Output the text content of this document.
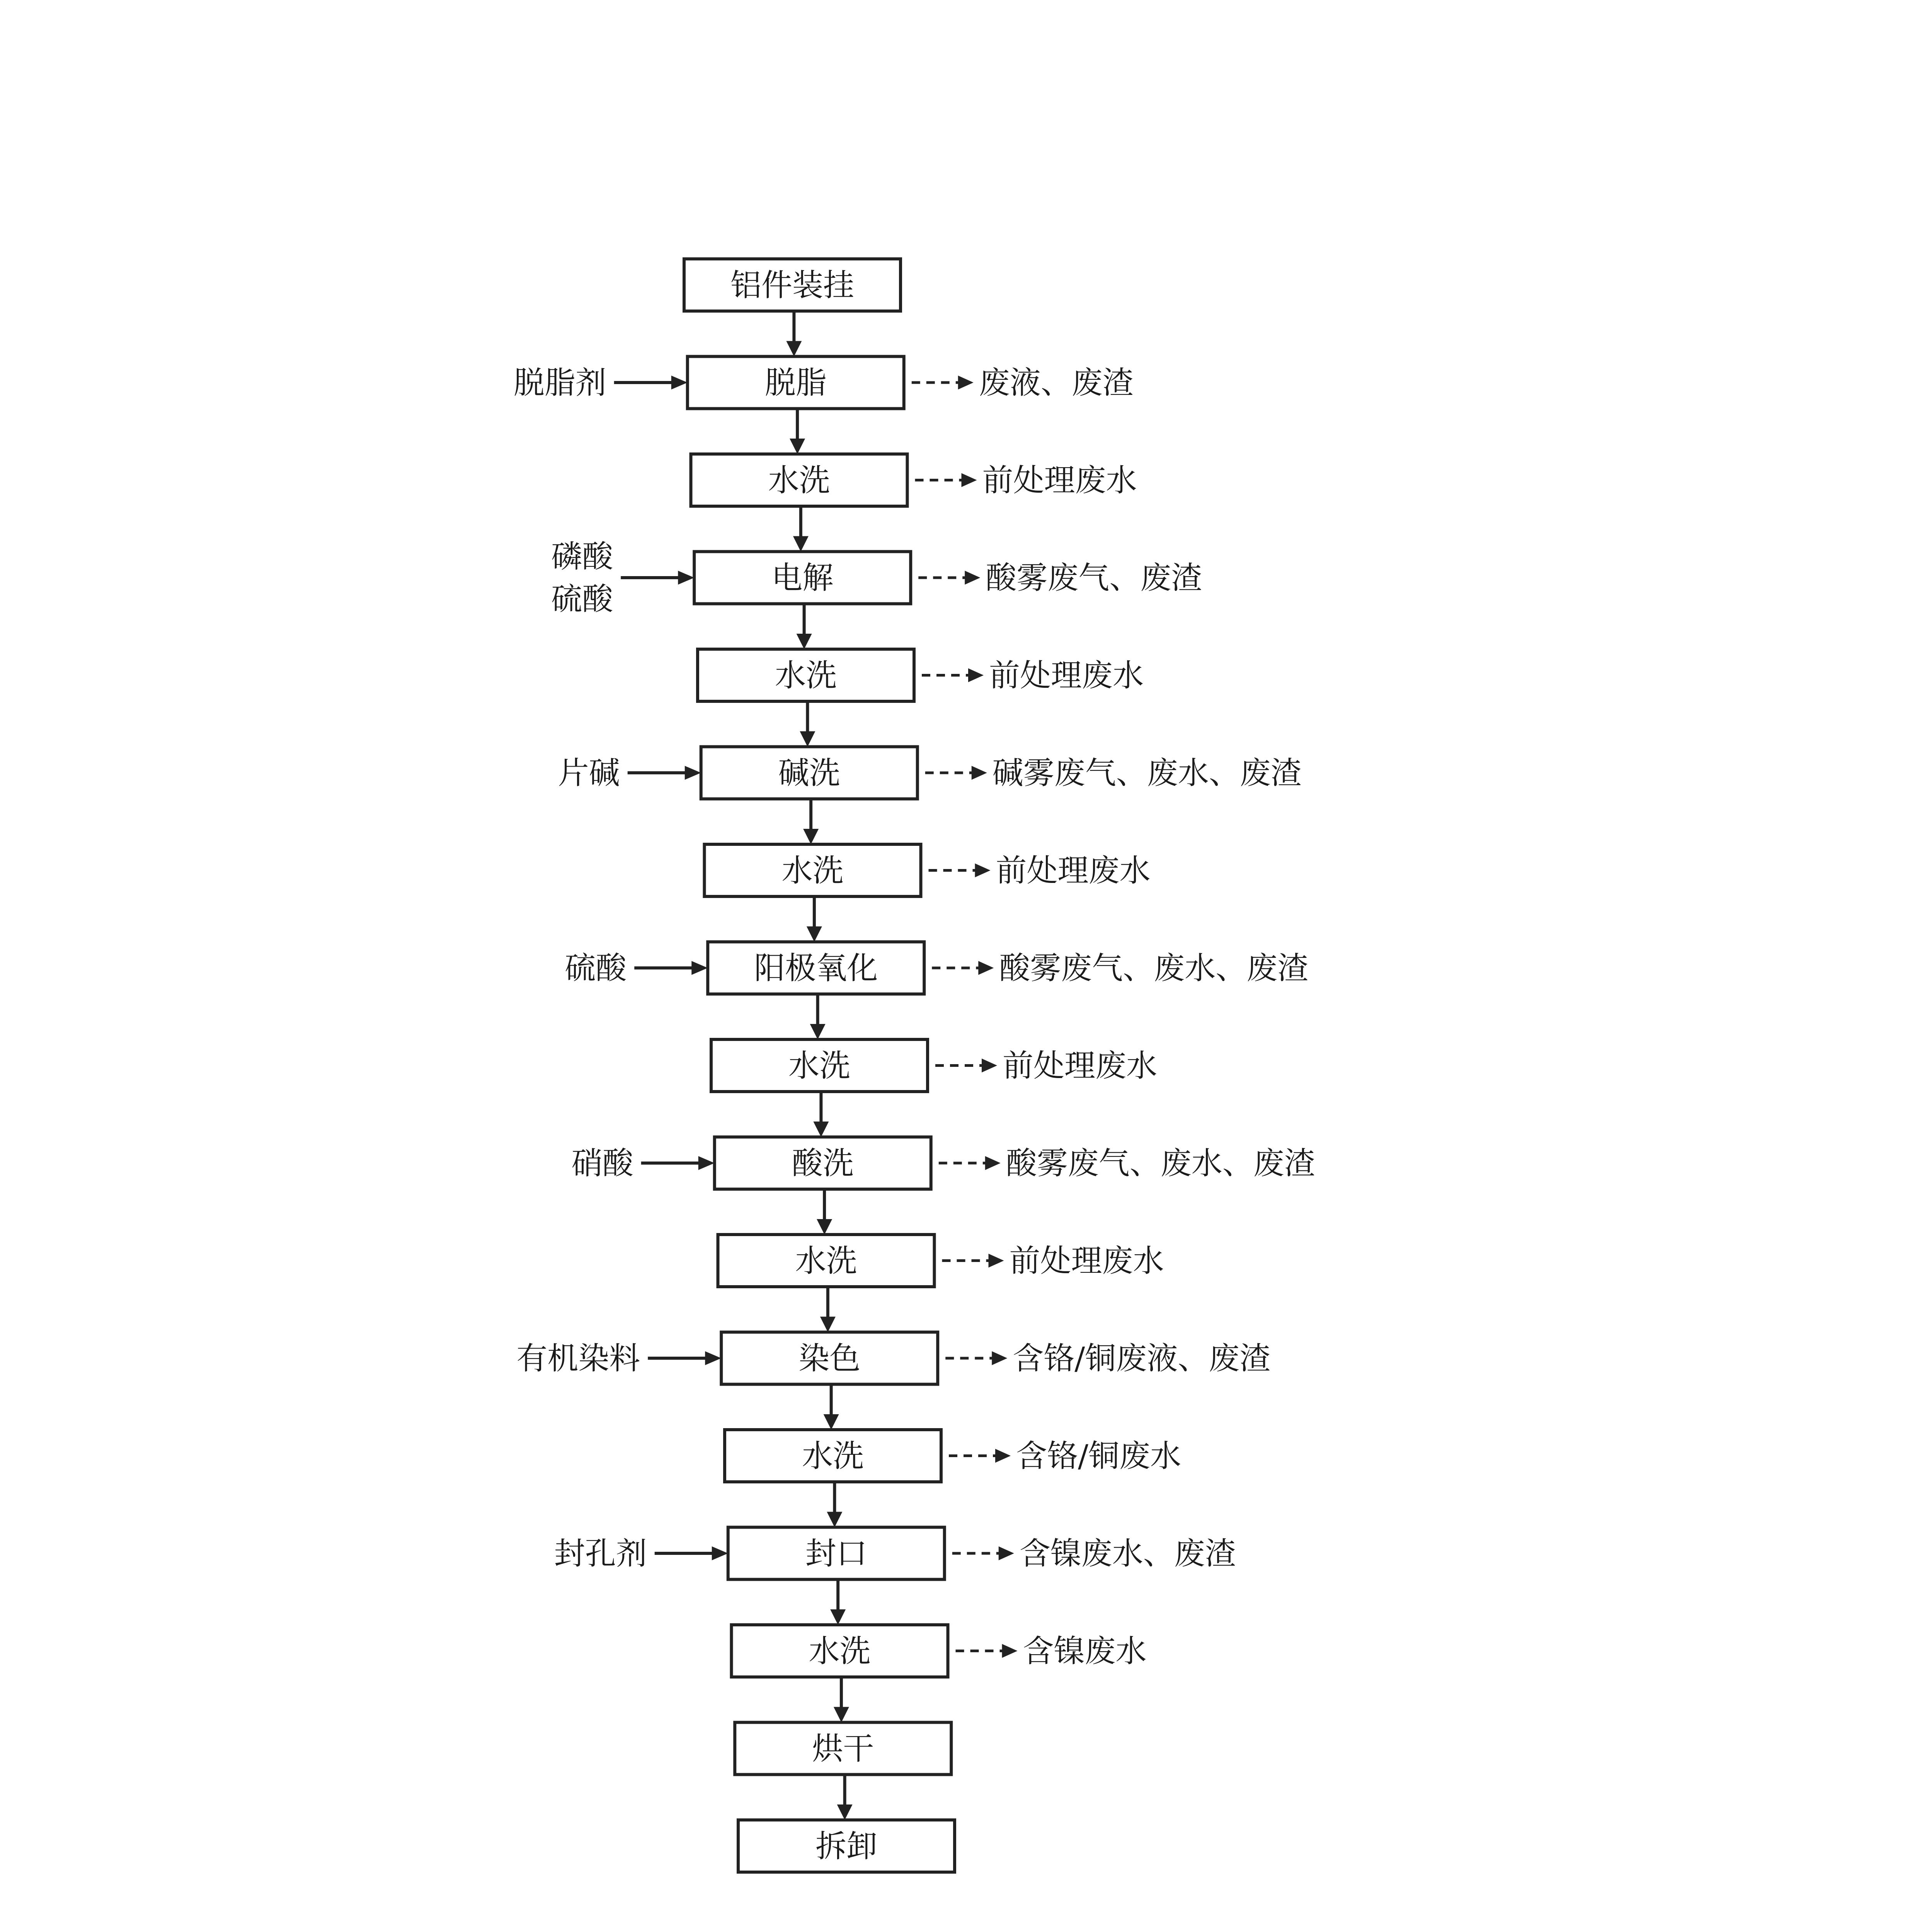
铝件装挂
脱脂
脱脂剂	废液、废渣
水洗	前处理废水
电解
磷酸
硫酸
酸雾废气、废渣
水洗	前处理废水
碱洗
片碱	碱雾废气、废水、废渣
水洗	前处理废水
阳极氧化
硫酸	酸雾废气、废水、废渣
水洗	前处理废水
酸洗
硝酸	酸雾废气、废水、废渣
水洗	前处理废水
染色
有机染料	含铬/铜废液、废渣
水洗	含铬/铜废水
封口
封孔剂	含镍废水、废渣
水洗	含镍废水
烘干
拆卸
